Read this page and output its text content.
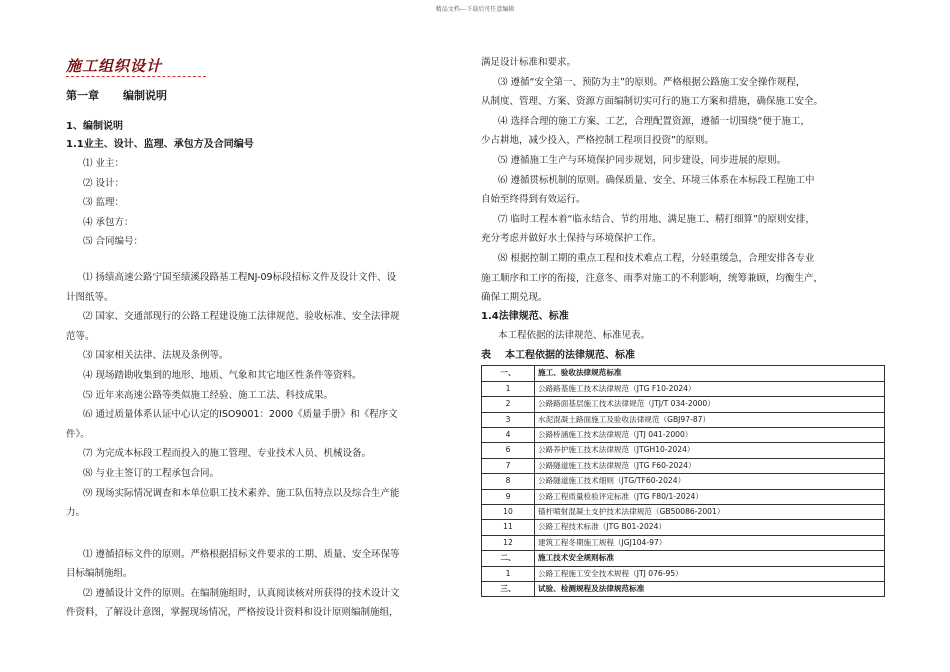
精品文档---下载后可任意编辑
施工组织设计
第一章 编制说明
1、编制说明
1.1业主、设计、监理、承包方及合同编号

⑴ 业主：

⑵ 设计：

⑶ 监理：

⑷ 承包方：

⑸ 合同编号：

⑴ 扬绩高速公路宁国至绩溪段路基工程NJ-09标段招标文件及设计文件、设

计图纸等。

⑵ 国家、交通部现行的公路工程建设施工法律规范、验收标准、安全法律规

范等。

⑶ 国家相关法律、法规及条例等。

⑷ 现场踏勘收集到的地形、地质、气象和其它地区性条件等资料。

⑸ 近年来高速公路等类似施工经验、施工工法、科技成果。

⑹ 通过质量体系认证中心认定的ISO9001：2000《质量手册》和《程序文

件》。

⑺ 为完成本标段工程而投入的施工管理、专业技术人员、机械设备。

⑻ 与业主签订的工程承包合同。

⑼ 现场实际情况调查和本单位职工技术素养、施工队伍特点以及综合生产能

力。

⑴ 遵循招标文件的原则。严格根据招标文件要求的工期、质量、安全环保等

目标编制施组。

⑵ 遵循设计文件的原则。在编制施组时，认真阅读核对所获得的技术设计文

件资料，了解设计意图，掌握现场情况，严格按设计资料和设计原则编制施组，

满足设计标准和要求。

⑶ 遵循“安全第一、预防为主”的原则。严格根据公路施工安全操作规程，

从制度、管理、方案、资源方面编制切实可行的施工方案和措施，确保施工安全。

⑷ 选择合理的施工方案、工艺，合理配置资源，遵循一切围绕“便于施工，

少占耕地，减少投入，严格控制工程项目投资”的原则。

⑸ 遵循施工生产与环境保护同步规划，同步建设，同步进展的原则。

⑹ 遵循贯标机制的原则。确保质量、安全、环境三体系在本标段工程施工中

自始至终得到有效运行。

⑺ 临时工程本着“临永结合、节约用地、满足施工、精打细算”的原则安排，

充分考虑并做好水土保持与环境保护工作。

⑻ 根据控制工期的重点工程和技术难点工程，分轻重缓急，合理安排各专业

施工顺序和工序的衔接，注意冬、雨季对施工的不利影响，统筹兼顾，均衡生产，

确保工期兑现。

1.4法律规范、标准

本工程依据的法律规范、标准见表。

表 本工程依据的法律规范、标准
一、	施工、验收法律规范标准
1	公路路基施工技术法律规范（JTG F10-2024）
2	公路路面基层施工技术法律规范（JTJ/T 034-2000）
3	水泥混凝土路面施工及验收法律规范（GBJ97-87）
4	公路桥涵施工技术法律规范（JTJ 041-2000）
6	公路养护施工技术法律规范（JTGH10-2024）
7	公路隧道施工技术法律规范（JTG F60-2024）
8	公路隧道施工技术细则（JTG/TF60-2024）
9	公路工程质量检验评定标准（JTG F80/1-2024）
10	锚杆喷射混凝土支护技术法律规范（GB50086-2001）
11	公路工程技术标准（JTG B01-2024）
12	建筑工程冬期施工规程（JGJ104-97）
二、	施工技术安全规则标准
1	公路工程施工安全技术规程（JTJ 076-95）
三、	试验、检测规程及法律规范标准
